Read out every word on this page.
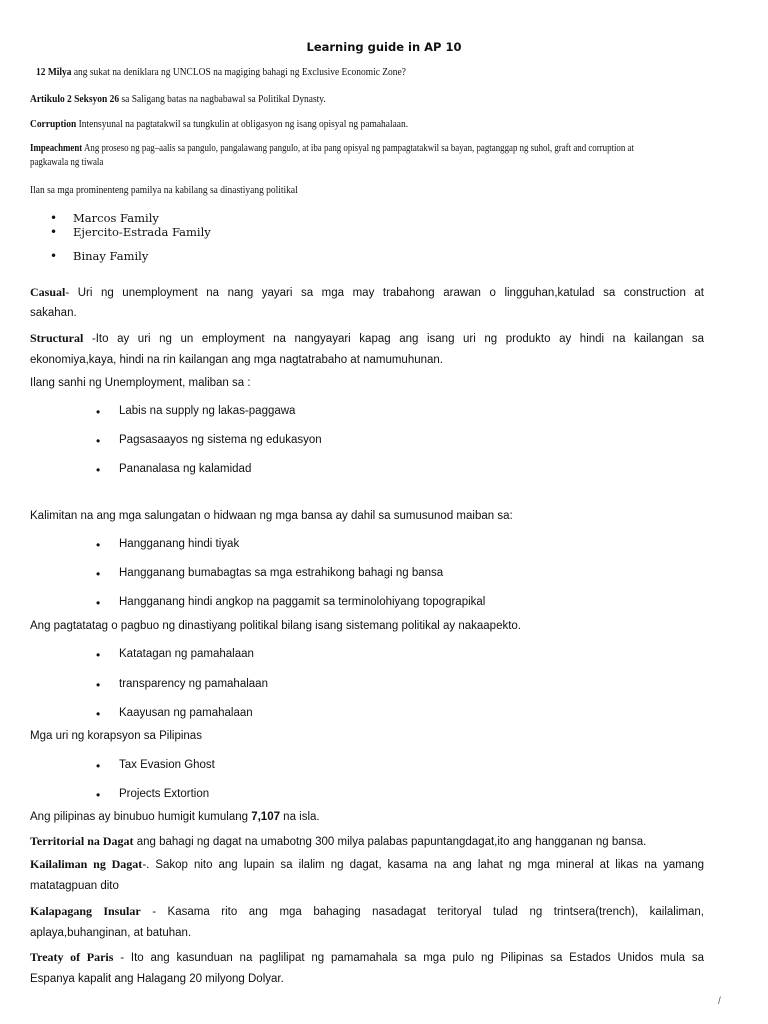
Learning guide in AP 10
12 Milya ang sukat na deniklara ng UNCLOS na magiging bahagi ng Exclusive Economic Zone?
Artikulo 2 Seksyon 26 sa Saligang batas na nagbabawal sa Politikal Dynasty.
Corruption Intensyunal na pagtatakwil sa tungkulin at obligasyon ng isang opisyal ng pamahalaan.
Impeachment Ang proseso ng pag–aalis sa pangulo, pangalawang pangulo, at iba pang opisyal ng pampagtatakwil sa bayan, pagtanggap ng suhol, graft and corruption at
pagkawala ng tiwala
Ilan sa mga prominenteng pamilya na kabilang sa dinastiyang politikal
• Marcos Family
• Ejercito-Estrada Family
• Binay Family
Casual- Uri ng unemployment na nang yayari sa mga may trabahong arawan o lingguhan,katulad sa construction at
sakahan.
Structural -Ito ay uri ng un employment na nangyayari kapag ang isang uri ng produkto ay hindi na kailangan sa
ekonomiya,kaya, hindi na rin kailangan ang mga nagtatrabaho at namumuhunan.
Ilang sanhi ng Unemployment, maliban sa :
• Labis na supply ng lakas-paggawa
• Pagsasaayos ng sistema ng edukasyon
• Pananalasa ng kalamidad
Kalimitan na ang mga salungatan o hidwaan ng mga bansa ay dahil sa sumusunod maiban sa:
• Hangganang hindi tiyak
• Hangganang bumabagtas sa mga estrahikong bahagi ng bansa
• Hangganang hindi angkop na paggamit sa terminolohiyang topograpikal
Ang pagtatatag o pagbuo ng dinastiyang politikal bilang isang sistemang politikal ay nakaapekto.
• Katatagan ng pamahalaan
• transparency ng pamahalaan
• Kaayusan ng pamahalaan
Mga uri ng korapsyon sa Pilipinas
• Tax Evasion Ghost
• Projects Extortion
Ang pilipinas ay binubuo humigit kumulang 7,107 na isla.
Territorial na Dagat ang bahagi ng dagat na umabotng 300 milya palabas papuntangdagat,ito ang hangganan ng bansa.
Kailaliman ng Dagat-. Sakop nito ang lupain sa ilalim ng dagat, kasama na ang lahat ng mga mineral at likas na yamang
matatagpuan dito
Kalapagang Insular - Kasama rito ang mga bahaging nasadagat teritoryal tulad ng trintsera(trench), kailaliman,
aplaya,buhanginan, at batuhan.
Treaty of Paris - Ito ang kasunduan na paglilipat ng pamamahala sa mga pulo ng Pilipinas sa Estados Unidos mula sa
Espanya kapalit ang Halagang 20 milyong Dolyar.
/
